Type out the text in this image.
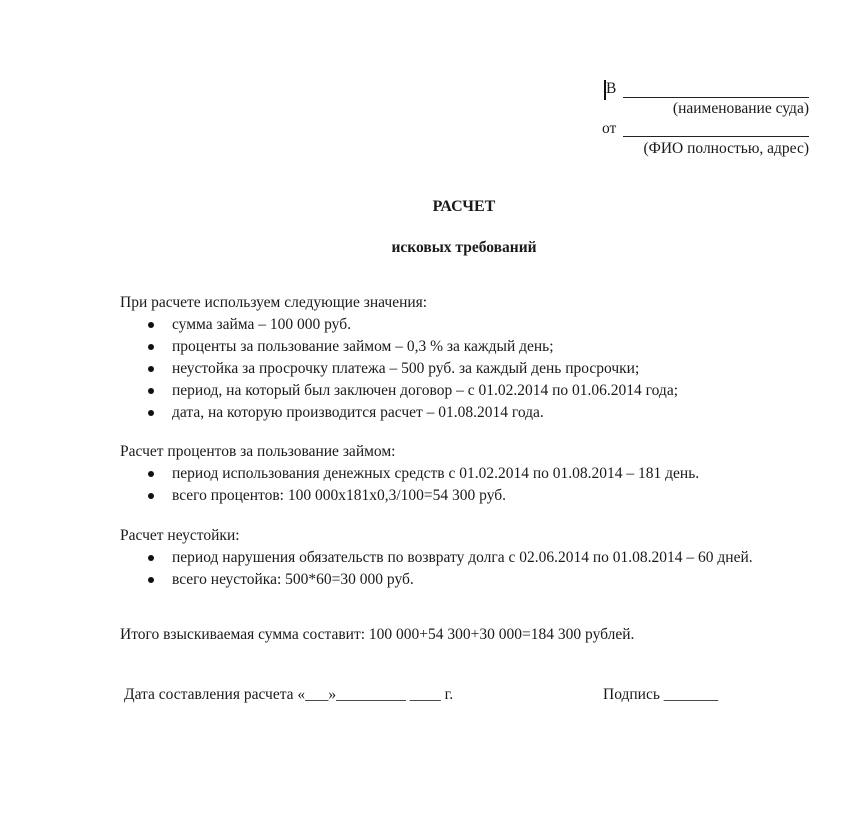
В
(наименование суда)
от
(ФИО полностью, адрес)
РАСЧЕТ
исковых требований

При расчете используем следующие значения:

сумма займа – 100 000 руб.
проценты за пользование займом – 0,3 % за каждый день;
неустойка за просрочку платежа – 500 руб. за каждый день просрочки;
период, на который был заключен договор – с 01.02.2014 по 01.06.2014 года;
дата, на которую производится расчет – 01.08.2014 года.

Расчет процентов за пользование займом:

период использования денежных средств с 01.02.2014 по 01.08.2014 – 181 день.
всего процентов: 100 000х181х0,3/100=54 300 руб.

Расчет неустойки:

период нарушения обязательств по возврату долга с 02.06.2014 по 01.08.2014 – 60 дней.
всего неустойка: 500*60=30 000 руб.

Итого взыскиваемая сумма составит: 100 000+54 300+30 000=184 300 рублей.

Дата составления расчета «___»_________ ____ г.	Подпись _______
